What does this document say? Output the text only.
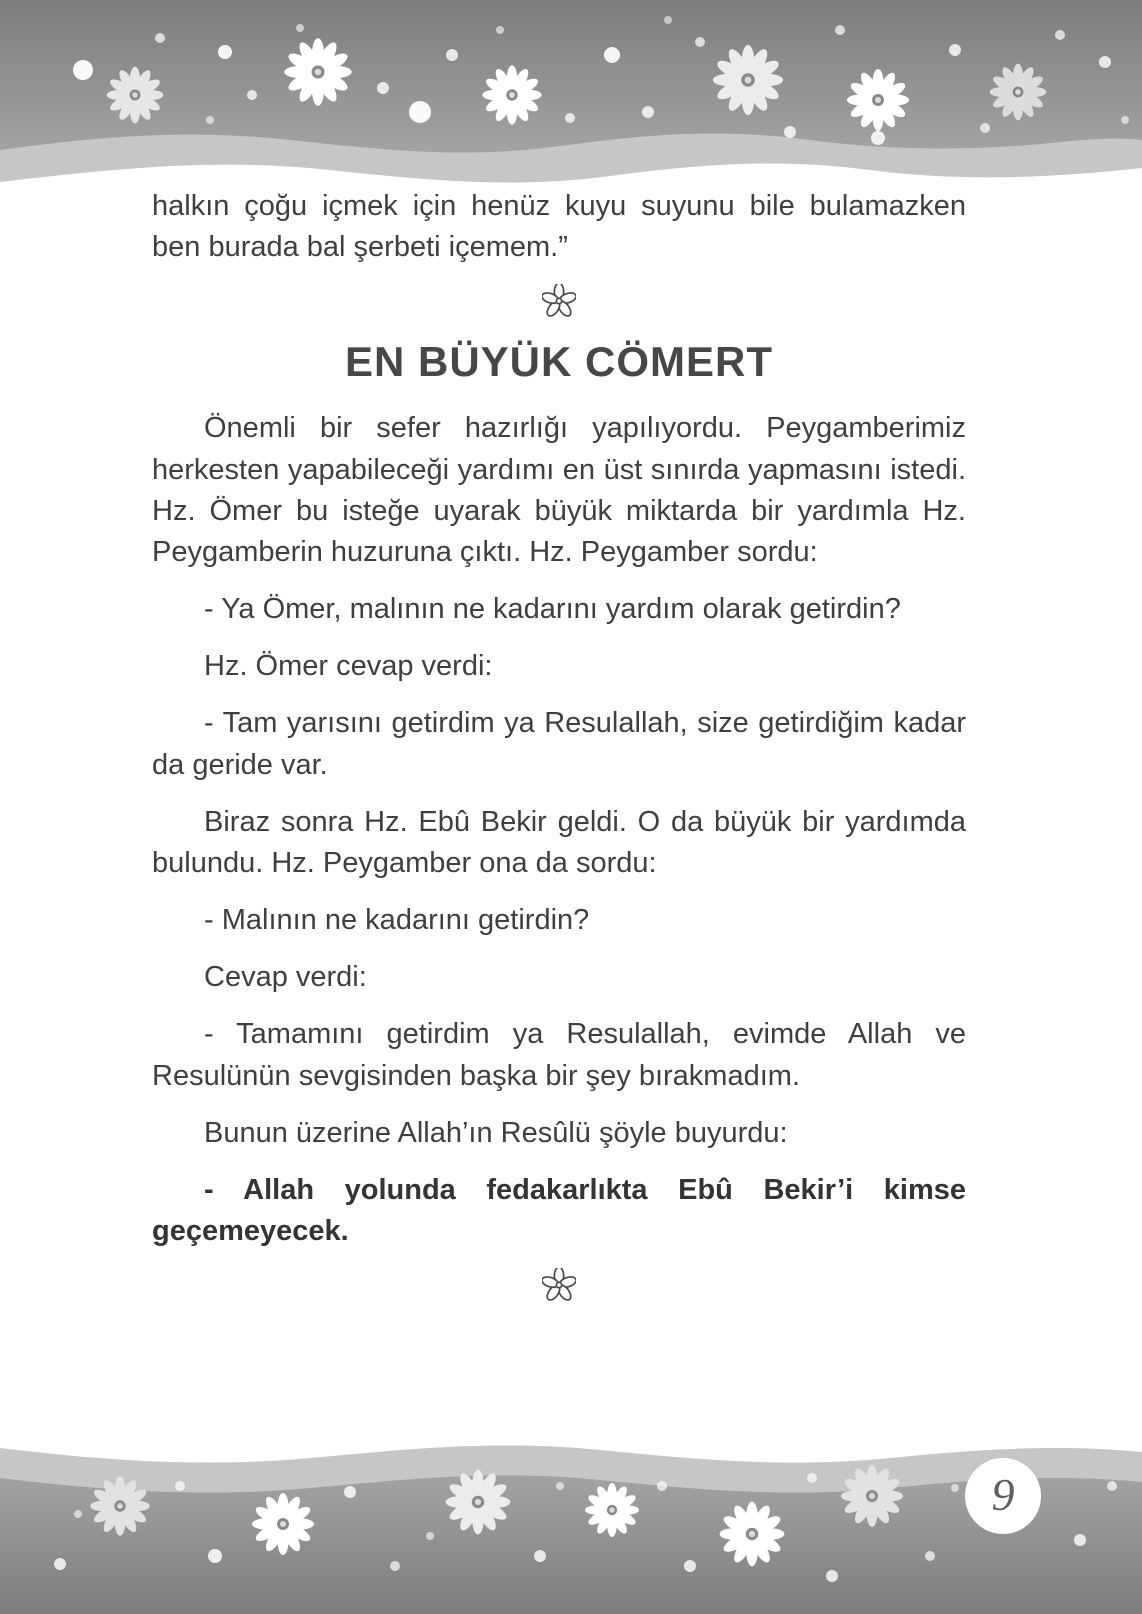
halkın çoğu içmek için henüz kuyu suyunu bile bulamazken ben burada bal şerbeti içemem.”

EN BÜYÜK CÖMERT

Önemli bir sefer hazırlığı yapılıyordu. Peygamberimiz herkesten yapabileceği yardımı en üst sınırda yapmasını istedi. Hz. Ömer bu isteğe uyarak büyük miktarda bir yardımla Hz. Peygamberin huzuruna çıktı. Hz. Peygamber sordu:

- Ya Ömer, malının ne kadarını yardım olarak getirdin?

Hz. Ömer cevap verdi:

- Tam yarısını getirdim ya Resulallah, size getirdiğim kadar da geride var.

Biraz sonra Hz. Ebû Bekir geldi. O da büyük bir yardımda bulundu. Hz. Peygamber ona da sordu:

- Malının ne kadarını getirdin?

Cevap verdi:

- Tamamını getirdim ya Resulallah, evimde Allah ve Resulünün sevgisinden başka bir şey bırakmadım.

Bunun üzerine Allah’ın Resûlü şöyle buyurdu:

- Allah yolunda fedakarlıkta Ebû Bekir’i kimse geçemeyecek.

9
